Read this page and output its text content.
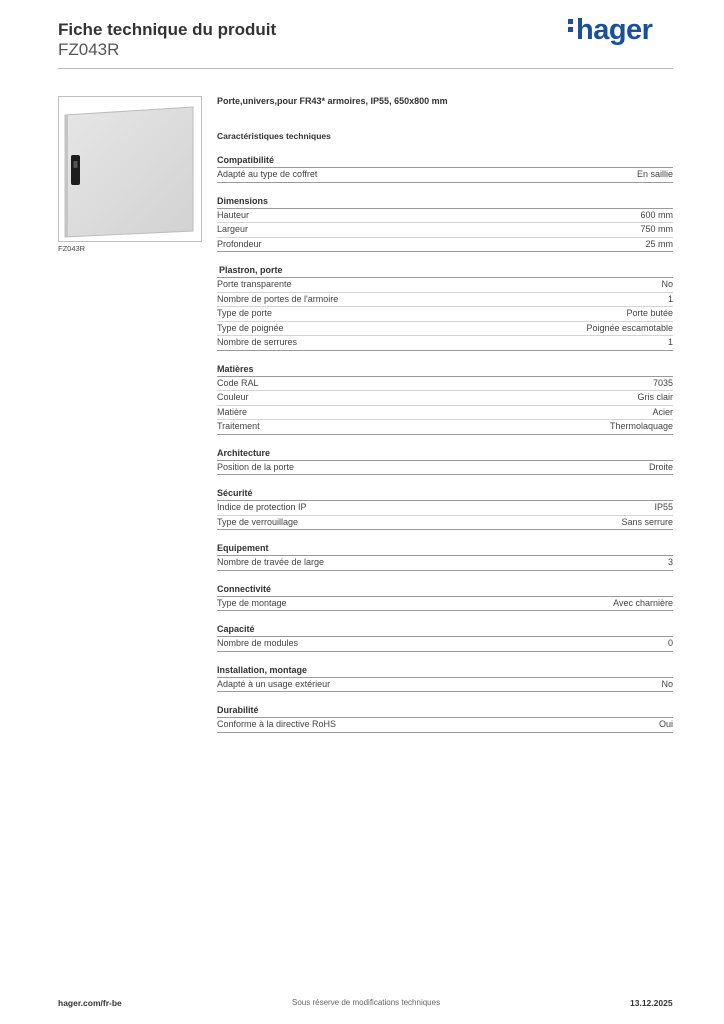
Fiche technique du produit
FZ043R
hager
FZ043R
Porte,univers,pour FR43* armoires, IP55, 650x800 mm
Caractéristiques techniques
Compatibilité
Adapté au type de coffret	En saillie
Dimensions
Hauteur	600 mm
Largeur	750 mm
Profondeur	25 mm
Plastron, porte
Porte transparente	No
Nombre de portes de l'armoire	1
Type de porte	Porte butée
Type de poignée	Poignée escamotable
Nombre de serrures	1
Matières
Code RAL	7035
Couleur	Gris clair
Matière	Acier
Traitement	Thermolaquage
Architecture
Position de la porte	Droite
Sécurité
Indice de protection IP	IP55
Type de verrouillage	Sans serrure
Equipement
Nombre de travée de large	3
Connectivité
Type de montage	Avec charnière
Capacité
Nombre de modules	0
Installation, montage
Adapté à un usage extérieur	No
Durabilité
Conforme à la directive RoHS	Oui
hager.com/fr-be	Sous réserve de modifications techniques	13.12.2025
